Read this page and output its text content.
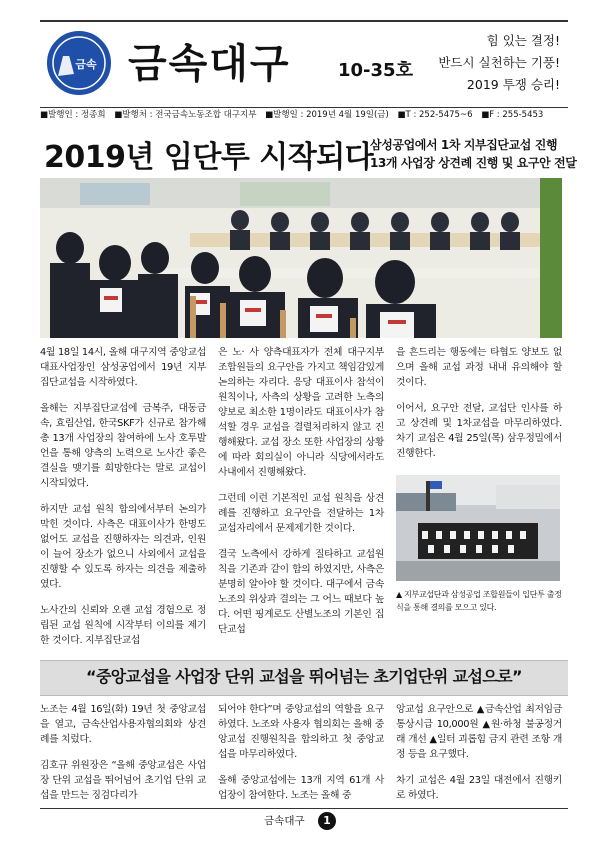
금속 금속대구	10-35호
힘 있는 결정!
반드시 실천하는 기풍!
2019 투쟁 승리!
■발행인 : 정종희 ■발행처 : 전국금속노동조합 대구지부 ■발행일 : 2019년 4월 19일(금) ■T : 252-5475~6 ■F : 255-5453
2019년 임단투 시작되다
삼성공업에서 1차 지부집단교섭 진행
13개 사업장 상견례 진행 및 요구안 전달

4월 18일 14시, 올해 대구지역 중앙교섭 대표사업장인 삼성공업에서 19년 지부집단교섭을 시작하였다.

올해는 지부집단교섭에 금복주, 대동금속, 효림산업, 한국SKF가 신규로 참가해 총 13개 사업장의 참여하에 노사 호투발언을 통해 양측의 노력으로 노사간 좋은 결실을 맺기를 희망한다는 말로 교섭이 시작되었다.

하지만 교섭 원칙 합의에서부터 논의가 막힌 것이다. 사측은 대표이사가 한명도 없어도 교섭을 진행하자는 의견과, 인원이 늘어 장소가 없으니 사외에서 교섭을 진행할 수 있도록 하자는 의견을 제출하였다.

노사간의 신뢰와 오랜 교섭 경험으로 정립된 교섭 원칙에 시작부터 이의를 제기한 것이다. 지부집단교섭

은 노· 사 양측대표자가 전체 대구지부 조합원들의 요구안을 가지고 책임감있게 논의하는 자리다. 응당 대표이사 참석이 원칙이나, 사측의 상황을 고려한 노측의 양보로 최소한 1명이라도 대표이사가 참석할 경우 교섭을 결렬처리하지 않고 진행해왔다. 교섭 장소 또한 사업장의 상황에 따라 회의실이 아니라 식당에서라도 사내에서 진행해왔다.

그런데 이런 기본적인 교섭 원칙을 상견례를 진행하고 요구안을 전달하는 1차 교섭자리에서 문제제기한 것이다.

결국 노측에서 강하게 질타하고 교섭원칙을 기존과 같이 합의 하였지만, 사측은 분명히 알아야 할 것이다. 대구에서 금속노조의 위상과 결의는 그 어느 때보다 높다. 어떤 핑계로도 산별노조의 기본인 집단교섭

을 흔드리는 행동에는 타협도 양보도 없으며 올해 교섭 과정 내내 유의해야 할 것이다.

이어서, 요구안 전달, 교섭단 인사를 하고 상견례 및 1차교섭을 마무리하였다. 차기 교섭은 4월 25일(목) 삼우정밀에서 진행한다.

▲ 지부교섭단과 삼성공업 조합원들이 입단투 출정식을 통해 결의를 모으고 있다.
“중앙교섭을 사업장 단위 교섭을 뛰어넘는 초기업단위 교섭으로”

노조는 4월 16일(화) 19년 첫 중앙교섭을 열고, 금속산업사용자협의회와 상견례를 치렀다.

김호규 위원장은 “올해 중앙교섭은 사업장 단위 교섭을 뛰어넘어 초기업 단위 교섭을 만드는 징검다리가

되어야 한다”며 중앙교섭의 역할을 요구하였다. 노조와 사용자 협의회는 올해 중앙교섭 진행원칙을 합의하고 첫 중앙교섭을 마무리하였다.

올해 중앙교섭에는 13개 지역 61개 사업장이 참여한다. 노조는 올해 중

앙교섭 요구안으로 ▲금속산업 최저임금 통상시급 10,000원 ▲원·하청 불공정거래 개선 ▲일터 괴롭힘 금지 관련 조항 개정 등을 요구했다.

차기 교섭은 4월 23일 대전에서 진행키로 하였다.

금속대구 1
